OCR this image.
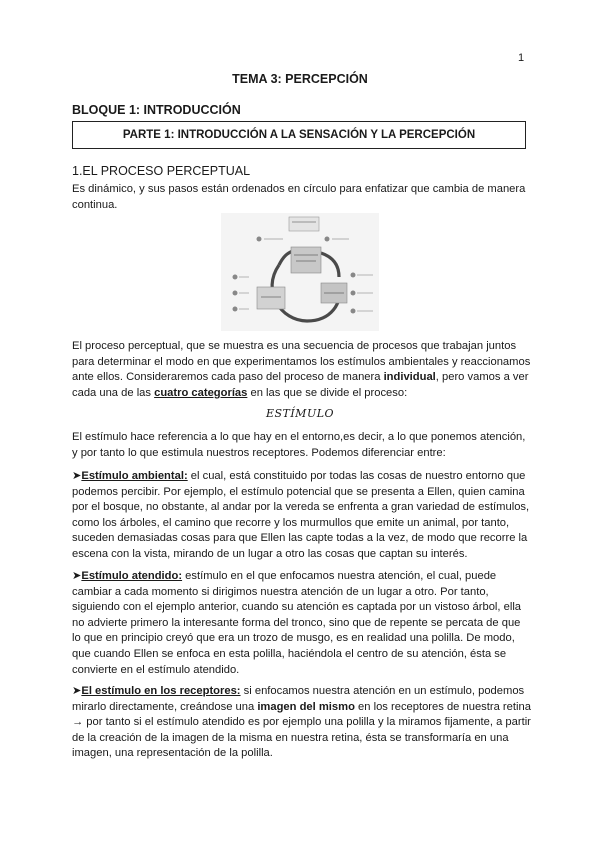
1
TEMA 3: PERCEPCIÓN
BLOQUE 1: INTRODUCCIÓN
PARTE 1: INTRODUCCIÓN A LA SENSACIÓN Y LA PERCEPCIÓN
1.EL PROCESO PERCEPTUAL

Es dinámico, y sus pasos están ordenados en círculo para enfatizar que cambia de manera continua.

El proceso perceptual, que se muestra es una secuencia de procesos que trabajan juntos para determinar el modo en que experimentamos los estímulos ambientales y reaccionamos ante ellos. Consideraremos cada paso del proceso de manera individual, pero vamos a ver cada una de las cuatro categorías en las que se divide el proceso:

ESTÍMULO

El estímulo hace referencia a lo que hay en el entorno,es decir, a lo que ponemos atención, y por tanto lo que estimula nuestros receptores. Podemos diferenciar entre:

➤Estímulo ambiental: el cual, está constituido por todas las cosas de nuestro entorno que podemos percibir. Por ejemplo, el estímulo potencial que se presenta a Ellen, quien camina por el bosque, no obstante, al andar por la vereda se enfrenta a gran variedad de estímulos, como los árboles, el camino que recorre y los murmullos que emite un animal, por tanto, suceden demasiadas cosas para que Ellen las capte todas a la vez, de modo que recorre la escena con la vista, mirando de un lugar a otro las cosas que captan su interés.

➤Estímulo atendido: estímulo en el que enfocamos nuestra atención, el cual, puede cambiar a cada momento si dirigimos nuestra atención de un lugar a otro. Por tanto, siguiendo con el ejemplo anterior, cuando su atención es captada por un vistoso árbol, ella no advierte primero la interesante forma del tronco, sino que de repente se percata de que lo que en principio creyó que era un trozo de musgo, es en realidad una polilla. De modo, que cuando Ellen se enfoca en esta polilla, haciéndola el centro de su atención, ésta se convierte en el estímulo atendido.

➤El estímulo en los receptores: si enfocamos nuestra atención en un estímulo, podemos mirarlo directamente, creándose una imagen del mismo en los receptores de nuestra retina → por tanto si el estímulo atendido es por ejemplo una polilla y la miramos fijamente, a partir de la creación de la imagen de la misma en nuestra retina, ésta se transformaría en una imagen, una representación de la polilla.
